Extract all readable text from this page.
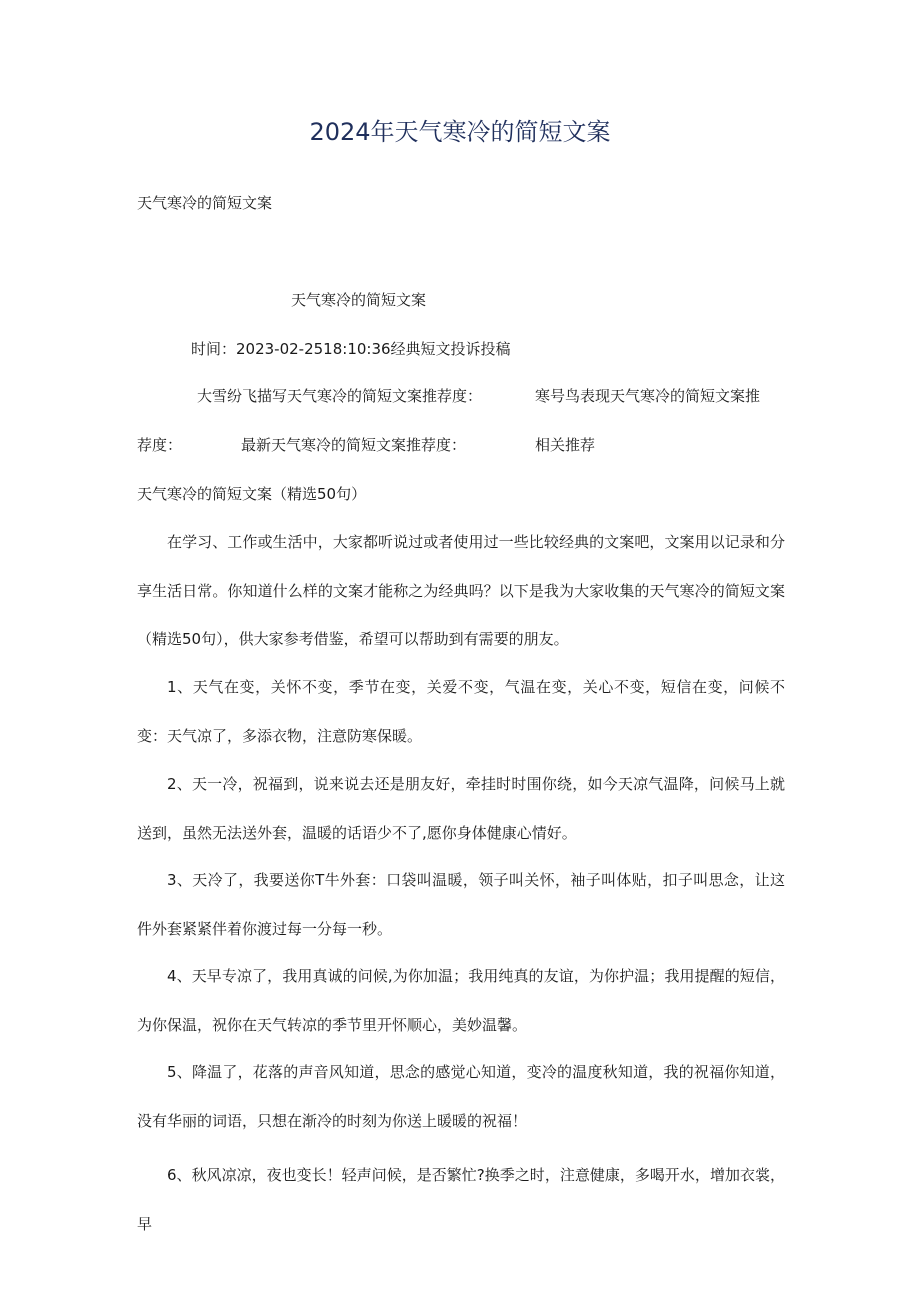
2024年天气寒冷的简短文案
天气寒冷的简短文案
天气寒冷的简短文案
时间：2023-02-2518:10:36经典短文投诉投稿
大雪纷飞描写天气寒冷的简短文案推荐度：	寒号鸟表现天气寒冷的简短文案推
荐度：	最新天气寒冷的简短文案推荐度：	相关推荐
天气寒冷的简短文案（精选50句）

在学习、工作或生活中，大家都听说过或者使用过一些比较经典的文案吧，文案用以记录和分享生活日常。你知道什么样的文案才能称之为经典吗？以下是我为大家收集的天气寒冷的简短文案（精选50句），供大家参考借鉴，希望可以帮助到有需要的朋友。

1、天气在变，关怀不变，季节在变，关爱不变，气温在变，关心不变，短信在变，问候不变：天气凉了，多添衣物，注意防寒保暖。

2、天一冷，祝福到，说来说去还是朋友好，牵挂时时围你绕，如今天凉气温降，问候马上就送到，虽然无法送外套，温暖的话语少不了,愿你身体健康心情好。

3、天冷了，我要送你T牛外套：口袋叫温暖，领子叫关怀，袖子叫体贴，扣子叫思念，让这件外套紧紧伴着你渡过每一分每一秒。

4、天早专凉了，我用真诚的问候,为你加温；我用纯真的友谊，为你护温；我用提醒的短信，为你保温，祝你在天气转凉的季节里开怀顺心，美妙温馨。

5、降温了，花落的声音风知道，思念的感觉心知道，变冷的温度秋知道，我的祝福你知道，没有华丽的词语，只想在渐冷的时刻为你送上暖暖的祝福！

6、秋风凉凉，夜也变长！轻声问候，是否繁忙?换季之时，注意健康，多喝开水，增加衣裳，早
